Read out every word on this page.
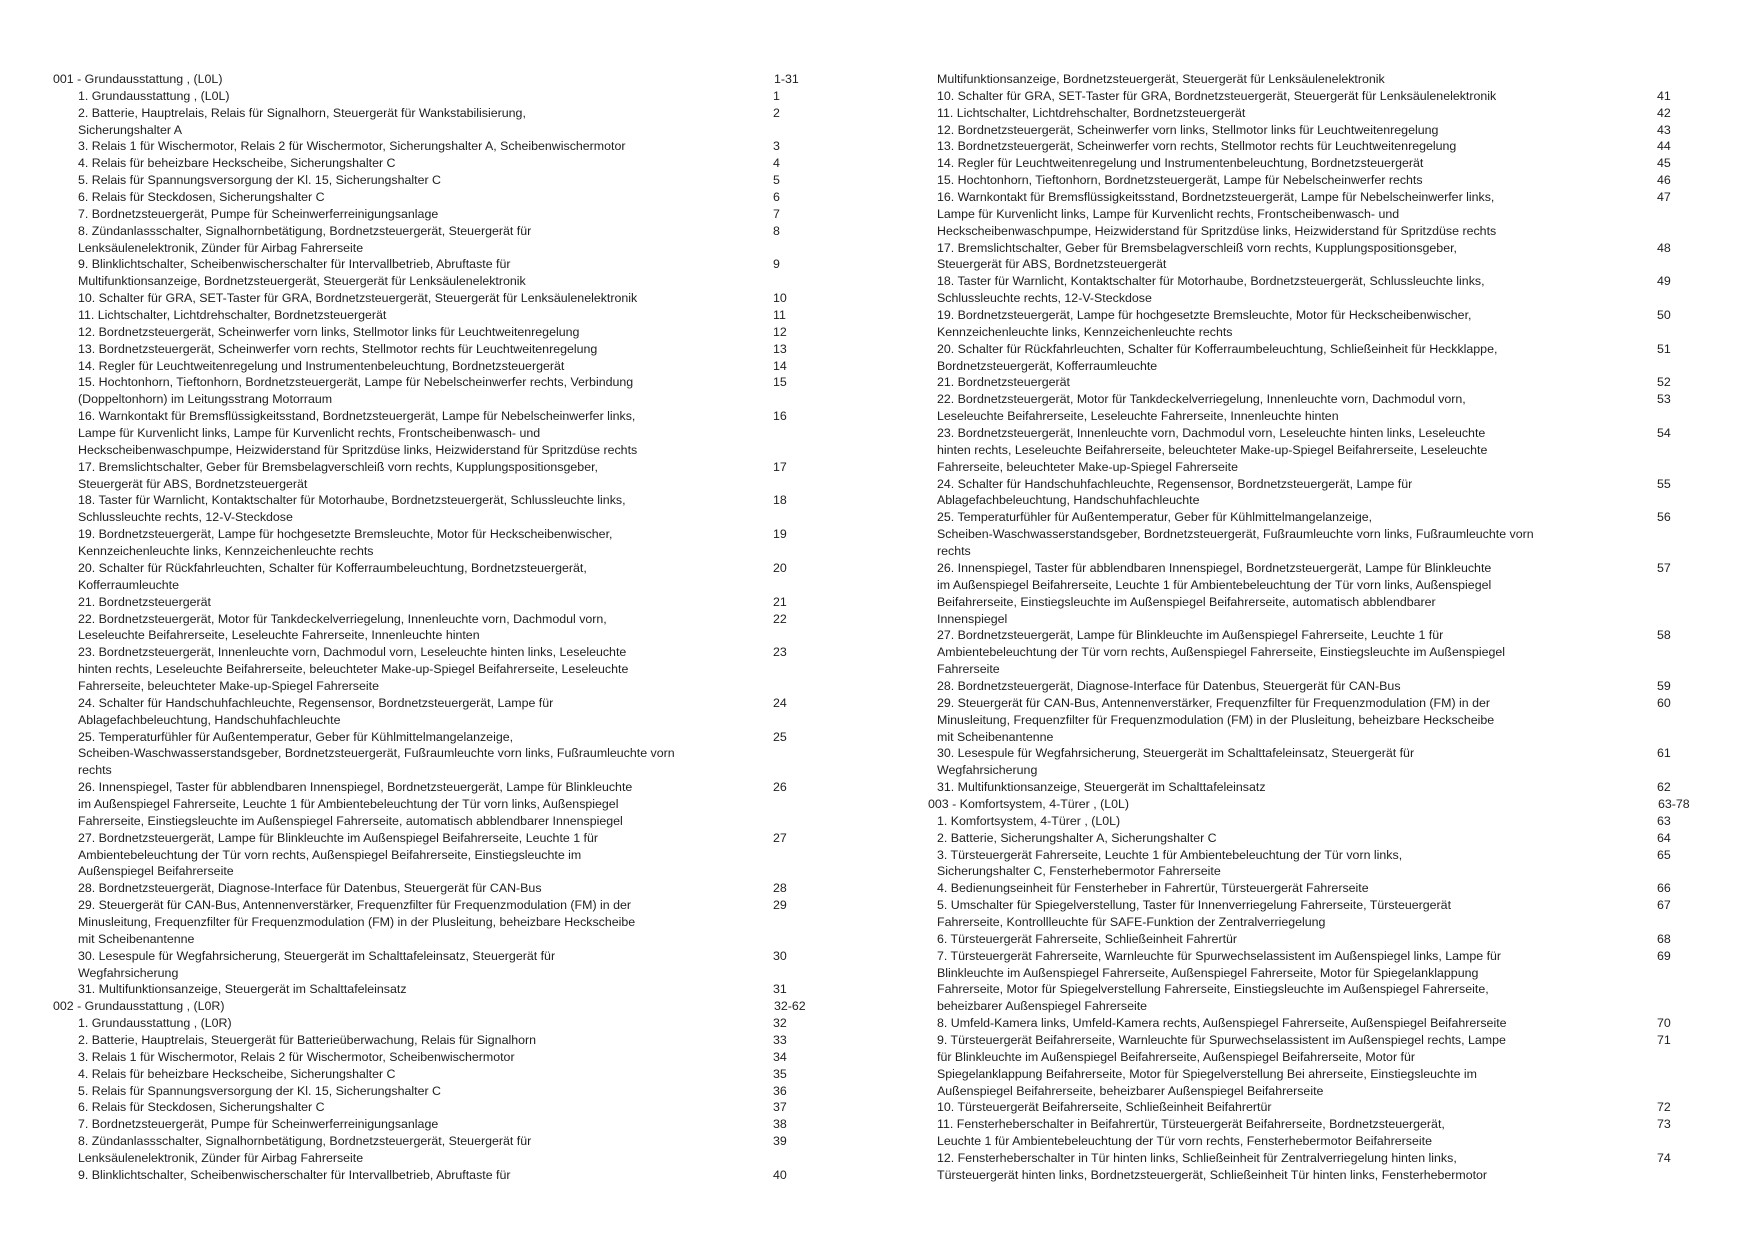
001 - Grundausstattung , (L0L)	1-31
1. Grundausstattung , (L0L)	1
2. Batterie, Hauptrelais, Relais für Signalhorn, Steuergerät für Wankstabilisierung,	2
Sicherungshalter A
3. Relais 1 für Wischermotor, Relais 2 für Wischermotor, Sicherungshalter A, Scheibenwischermotor	3
4. Relais für beheizbare Heckscheibe, Sicherungshalter C	4
5. Relais für Spannungsversorgung der Kl. 15, Sicherungshalter C	5
6. Relais für Steckdosen, Sicherungshalter C	6
7. Bordnetzsteuergerät, Pumpe für Scheinwerferreinigungsanlage	7
8. Zündanlassschalter, Signalhornbetätigung, Bordnetzsteuergerät, Steuergerät für	8
Lenksäulenelektronik, Zünder für Airbag Fahrerseite
9. Blinklichtschalter, Scheibenwischerschalter für Intervallbetrieb, Abruftaste für	9
Multifunktionsanzeige, Bordnetzsteuergerät, Steuergerät für Lenksäulenelektronik
10. Schalter für GRA, SET-Taster für GRA, Bordnetzsteuergerät, Steuergerät für Lenksäulenelektronik	10
11. Lichtschalter, Lichtdrehschalter, Bordnetzsteuergerät	11
12. Bordnetzsteuergerät, Scheinwerfer vorn links, Stellmotor links für Leuchtweitenregelung	12
13. Bordnetzsteuergerät, Scheinwerfer vorn rechts, Stellmotor rechts für Leuchtweitenregelung	13
14. Regler für Leuchtweitenregelung und Instrumentenbeleuchtung, Bordnetzsteuergerät	14
15. Hochtonhorn, Tieftonhorn, Bordnetzsteuergerät, Lampe für Nebelscheinwerfer rechts, Verbindung	15
(Doppeltonhorn) im Leitungsstrang Motorraum
16. Warnkontakt für Bremsflüssigkeitsstand, Bordnetzsteuergerät, Lampe für Nebelscheinwerfer links,	16
Lampe für Kurvenlicht links, Lampe für Kurvenlicht rechts, Frontscheibenwasch- und
Heckscheibenwaschpumpe, Heizwiderstand für Spritzdüse links, Heizwiderstand für Spritzdüse rechts
17. Bremslichtschalter, Geber für Bremsbelagverschleiß vorn rechts, Kupplungspositionsgeber,	17
Steuergerät für ABS, Bordnetzsteuergerät
18. Taster für Warnlicht, Kontaktschalter für Motorhaube, Bordnetzsteuergerät, Schlussleuchte links,	18
Schlussleuchte rechts, 12-V-Steckdose
19. Bordnetzsteuergerät, Lampe für hochgesetzte Bremsleuchte, Motor für Heckscheibenwischer,	19
Kennzeichenleuchte links, Kennzeichenleuchte rechts
20. Schalter für Rückfahrleuchten, Schalter für Kofferraumbeleuchtung, Bordnetzsteuergerät,	20
Kofferraumleuchte
21. Bordnetzsteuergerät	21
22. Bordnetzsteuergerät, Motor für Tankdeckelverriegelung, Innenleuchte vorn, Dachmodul vorn,	22
Leseleuchte Beifahrerseite, Leseleuchte Fahrerseite, Innenleuchte hinten
23. Bordnetzsteuergerät, Innenleuchte vorn, Dachmodul vorn, Leseleuchte hinten links, Leseleuchte	23
hinten rechts, Leseleuchte Beifahrerseite, beleuchteter Make-up-Spiegel Beifahrerseite, Leseleuchte
Fahrerseite, beleuchteter Make-up-Spiegel Fahrerseite
24. Schalter für Handschuhfachleuchte, Regensensor, Bordnetzsteuergerät, Lampe für	24
Ablagefachbeleuchtung, Handschuhfachleuchte
25. Temperaturfühler für Außentemperatur, Geber für Kühlmittelmangelanzeige,	25
Scheiben-Waschwasserstandsgeber, Bordnetzsteuergerät, Fußraumleuchte vorn links, Fußraumleuchte vorn
rechts
26. Innenspiegel, Taster für abblendbaren Innenspiegel, Bordnetzsteuergerät, Lampe für Blinkleuchte	26
im Außenspiegel Fahrerseite, Leuchte 1 für Ambientebeleuchtung der Tür vorn links, Außenspiegel
Fahrerseite, Einstiegsleuchte im Außenspiegel Fahrerseite, automatisch abblendbarer Innenspiegel
27. Bordnetzsteuergerät, Lampe für Blinkleuchte im Außenspiegel Beifahrerseite, Leuchte 1 für	27
Ambientebeleuchtung der Tür vorn rechts, Außenspiegel Beifahrerseite, Einstiegsleuchte im
Außenspiegel Beifahrerseite
28. Bordnetzsteuergerät, Diagnose-Interface für Datenbus, Steuergerät für CAN-Bus	28
29. Steuergerät für CAN-Bus, Antennenverstärker, Frequenzfilter für Frequenzmodulation (FM) in der	29
Minusleitung, Frequenzfilter für Frequenzmodulation (FM) in der Plusleitung, beheizbare Heckscheibe
mit Scheibenantenne
30. Lesespule für Wegfahrsicherung, Steuergerät im Schalttafeleinsatz, Steuergerät für	30
Wegfahrsicherung
31. Multifunktionsanzeige, Steuergerät im Schalttafeleinsatz	31
002 - Grundausstattung , (L0R)	32-62
1. Grundausstattung , (L0R)	32
2. Batterie, Hauptrelais, Steuergerät für Batterieüberwachung, Relais für Signalhorn	33
3. Relais 1 für Wischermotor, Relais 2 für Wischermotor, Scheibenwischermotor	34
4. Relais für beheizbare Heckscheibe, Sicherungshalter C	35
5. Relais für Spannungsversorgung der Kl. 15, Sicherungshalter C	36
6. Relais für Steckdosen, Sicherungshalter C	37
7. Bordnetzsteuergerät, Pumpe für Scheinwerferreinigungsanlage	38
8. Zündanlassschalter, Signalhornbetätigung, Bordnetzsteuergerät, Steuergerät für	39
Lenksäulenelektronik, Zünder für Airbag Fahrerseite
9. Blinklichtschalter, Scheibenwischerschalter für Intervallbetrieb, Abruftaste für	40
Multifunktionsanzeige, Bordnetzsteuergerät, Steuergerät für Lenksäulenelektronik
10. Schalter für GRA, SET-Taster für GRA, Bordnetzsteuergerät, Steuergerät für Lenksäulenelektronik	41
11. Lichtschalter, Lichtdrehschalter, Bordnetzsteuergerät	42
12. Bordnetzsteuergerät, Scheinwerfer vorn links, Stellmotor links für Leuchtweitenregelung	43
13. Bordnetzsteuergerät, Scheinwerfer vorn rechts, Stellmotor rechts für Leuchtweitenregelung	44
14. Regler für Leuchtweitenregelung und Instrumentenbeleuchtung, Bordnetzsteuergerät	45
15. Hochtonhorn, Tieftonhorn, Bordnetzsteuergerät, Lampe für Nebelscheinwerfer rechts	46
16. Warnkontakt für Bremsflüssigkeitsstand, Bordnetzsteuergerät, Lampe für Nebelscheinwerfer links,	47
Lampe für Kurvenlicht links, Lampe für Kurvenlicht rechts, Frontscheibenwasch- und
Heckscheibenwaschpumpe, Heizwiderstand für Spritzdüse links, Heizwiderstand für Spritzdüse rechts
17. Bremslichtschalter, Geber für Bremsbelagverschleiß vorn rechts, Kupplungspositionsgeber,	48
Steuergerät für ABS, Bordnetzsteuergerät
18. Taster für Warnlicht, Kontaktschalter für Motorhaube, Bordnetzsteuergerät, Schlussleuchte links,	49
Schlussleuchte rechts, 12-V-Steckdose
19. Bordnetzsteuergerät, Lampe für hochgesetzte Bremsleuchte, Motor für Heckscheibenwischer,	50
Kennzeichenleuchte links, Kennzeichenleuchte rechts
20. Schalter für Rückfahrleuchten, Schalter für Kofferraumbeleuchtung, Schließeinheit für Heckklappe,	51
Bordnetzsteuergerät, Kofferraumleuchte
21. Bordnetzsteuergerät	52
22. Bordnetzsteuergerät, Motor für Tankdeckelverriegelung, Innenleuchte vorn, Dachmodul vorn,	53
Leseleuchte Beifahrerseite, Leseleuchte Fahrerseite, Innenleuchte hinten
23. Bordnetzsteuergerät, Innenleuchte vorn, Dachmodul vorn, Leseleuchte hinten links, Leseleuchte	54
hinten rechts, Leseleuchte Beifahrerseite, beleuchteter Make-up-Spiegel Beifahrerseite, Leseleuchte
Fahrerseite, beleuchteter Make-up-Spiegel Fahrerseite
24. Schalter für Handschuhfachleuchte, Regensensor, Bordnetzsteuergerät, Lampe für	55
Ablagefachbeleuchtung, Handschuhfachleuchte
25. Temperaturfühler für Außentemperatur, Geber für Kühlmittelmangelanzeige,	56
Scheiben-Waschwasserstandsgeber, Bordnetzsteuergerät, Fußraumleuchte vorn links, Fußraumleuchte vorn
rechts
26. Innenspiegel, Taster für abblendbaren Innenspiegel, Bordnetzsteuergerät, Lampe für Blinkleuchte	57
im Außenspiegel Beifahrerseite, Leuchte 1 für Ambientebeleuchtung der Tür vorn links, Außenspiegel
Beifahrerseite, Einstiegsleuchte im Außenspiegel Beifahrerseite, automatisch abblendbarer
Innenspiegel
27. Bordnetzsteuergerät, Lampe für Blinkleuchte im Außenspiegel Fahrerseite, Leuchte 1 für	58
Ambientebeleuchtung der Tür vorn rechts, Außenspiegel Fahrerseite, Einstiegsleuchte im Außenspiegel
Fahrerseite
28. Bordnetzsteuergerät, Diagnose-Interface für Datenbus, Steuergerät für CAN-Bus	59
29. Steuergerät für CAN-Bus, Antennenverstärker, Frequenzfilter für Frequenzmodulation (FM) in der	60
Minusleitung, Frequenzfilter für Frequenzmodulation (FM) in der Plusleitung, beheizbare Heckscheibe
mit Scheibenantenne
30. Lesespule für Wegfahrsicherung, Steuergerät im Schalttafeleinsatz, Steuergerät für	61
Wegfahrsicherung
31. Multifunktionsanzeige, Steuergerät im Schalttafeleinsatz	62
003 - Komfortsystem, 4-Türer , (L0L)	63-78
1. Komfortsystem, 4-Türer , (L0L)	63
2. Batterie, Sicherungshalter A, Sicherungshalter C	64
3. Türsteuergerät Fahrerseite, Leuchte 1 für Ambientebeleuchtung der Tür vorn links,	65
Sicherungshalter C, Fensterhebermotor Fahrerseite
4. Bedienungseinheit für Fensterheber in Fahrertür, Türsteuergerät Fahrerseite	66
5. Umschalter für Spiegelverstellung, Taster für Innenverriegelung Fahrerseite, Türsteuergerät	67
Fahrerseite, Kontrollleuchte für SAFE-Funktion der Zentralverriegelung
6. Türsteuergerät Fahrerseite, Schließeinheit Fahrertür	68
7. Türsteuergerät Fahrerseite, Warnleuchte für Spurwechselassistent im Außenspiegel links, Lampe für	69
Blinkleuchte im Außenspiegel Fahrerseite, Außenspiegel Fahrerseite, Motor für Spiegelanklappung
Fahrerseite, Motor für Spiegelverstellung Fahrerseite, Einstiegsleuchte im Außenspiegel Fahrerseite,
beheizbarer Außenspiegel Fahrerseite
8. Umfeld-Kamera links, Umfeld-Kamera rechts, Außenspiegel Fahrerseite, Außenspiegel Beifahrerseite	70
9. Türsteuergerät Beifahrerseite, Warnleuchte für Spurwechselassistent im Außenspiegel rechts, Lampe	71
für Blinkleuchte im Außenspiegel Beifahrerseite, Außenspiegel Beifahrerseite, Motor für
Spiegelanklappung Beifahrerseite, Motor für Spiegelverstellung Bei ahrerseite, Einstiegsleuchte im
Außenspiegel Beifahrerseite, beheizbarer Außenspiegel Beifahrerseite
10. Türsteuergerät Beifahrerseite, Schließeinheit Beifahrertür	72
11. Fensterheberschalter in Beifahrertür, Türsteuergerät Beifahrerseite, Bordnetzsteuergerät,	73
Leuchte 1 für Ambientebeleuchtung der Tür vorn rechts, Fensterhebermotor Beifahrerseite
12. Fensterheberschalter in Tür hinten links, Schließeinheit für Zentralverriegelung hinten links,	74
Türsteuergerät hinten links, Bordnetzsteuergerät, Schließeinheit Tür hinten links, Fensterhebermotor
